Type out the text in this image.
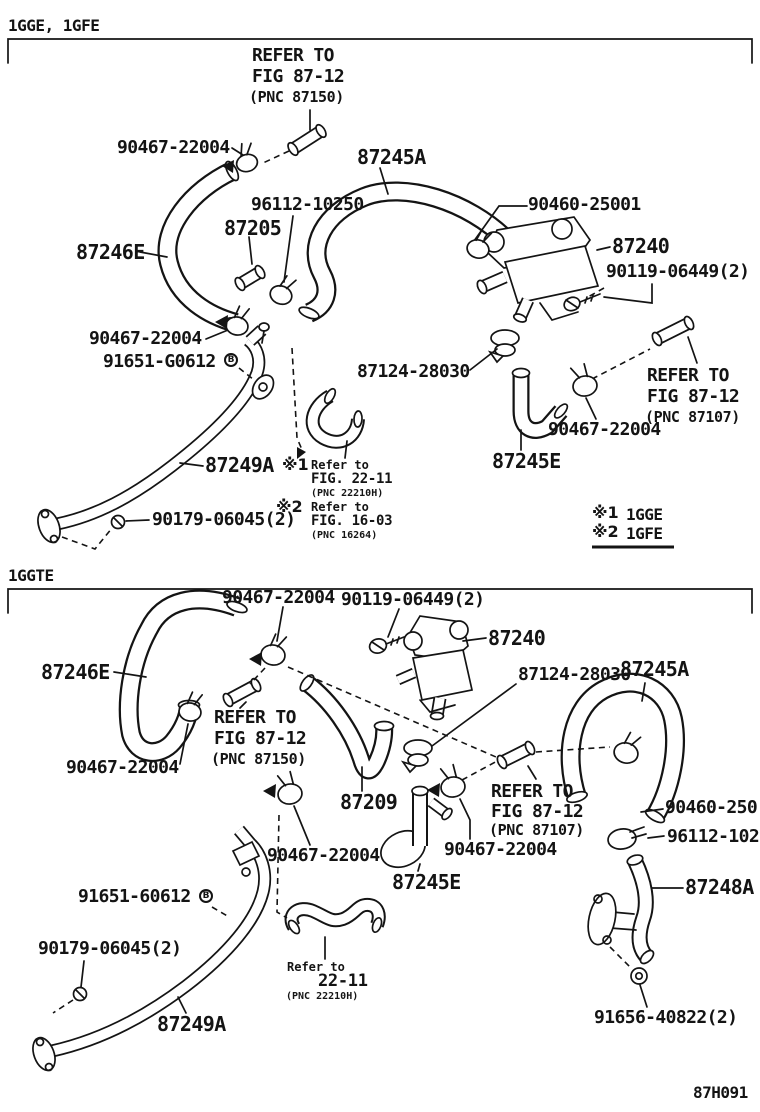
1GGE, 1GFE
REFER TO
FIG 87-12
(PNC 87150)
90467-22004	87245A
96112-10250
87205
90460-25001
87240
90119-06449(2)
87246E
90467-22004
91651-G0612	B
87124-28030	REFER TO
FIG 87-12
(PNC 87107)
90467-22004
87245E
87249A ※1 Refer to
FIG. 22-11
(PNC 22210H)
※2 Refer to
FIG. 16-03
(PNC 16264)
90179-06045(2)	※1 1GGE
※2 1GFE
1GGTE
90467-22004 90119-06449(2)
87240
87246E	87124-28030
87245A
REFER TO
FIG 87-12
(PNC 87150)
90467-22004
87209	REFER TO
FIG 87-12
(PNC 87107)
90460-250
96112-102
90467-22004	90467-22004
87245E	87248A
91651-60612	B
90179-06045(2)
Refer to
22-11
(PNC 22210H)
87249A	91656-40822(2)
87H091
